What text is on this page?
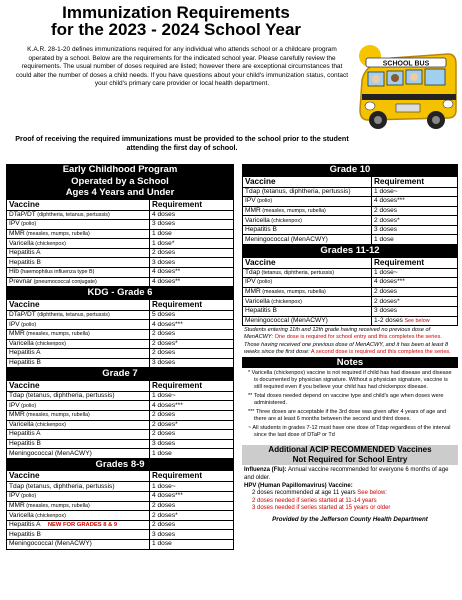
Immunization Requirements
for the 2023 - 2024 School Year
K.A.R. 28-1-20 defines immunizations required for any individual who attends school or a childcare program operated by a school. Below are the requirements for the indicated school year. Please carefully review the requirements. The usual number of doses required are listed; however there are exceptional circumstances that could alter the number of doses a child needs. If you have questions about your child's immunization status, contact your child's primary care provider or local health department.
Proof of receiving the required immunizations must be provided to the school prior to the student attending the first day of school.
SCHOOL BUS
Early Childhood Program
Operated by a School
Ages 4 Years and Under
Vaccine	Requirement
DTaP/DT (diphtheria, tetanus, pertussis)	4 doses
IPV (polio)	3 doses
MMR (measles, mumps, rubella)	1 dose
Varicella (chickenpox)	1 dose*
Hepatitis A	2 doses
Hepatitis B	3 doses
Hib (haemophilus influenza type B)	4 doses**
Prevnar (pneumococcal conjugate)	4 doses**
KDG - Grade 6
Vaccine	Requirement
DTaP/DT (diphtheria, tetanus, pertussis)	5 doses
IPV (polio)	4 doses***
MMR (measles, mumps, rubella)	2 doses
Varicella (chickenpox)	2 doses*
Hepatitis A	2 doses
Hepatitis B	3 doses
Grade 7
Vaccine	Requirement
Tdap (tetanus, diphtheria, pertussis)	1 dose~
IPV (polio)	4 doses***
MMR (measles, mumps, rubella)	2 doses
Varicella (chickenpox)	2 doses*
Hepatitis A	2 doses
Hepatitis B	3 doses
Meningococcal (MenACWY)	1 dose
Grades 8-9
Vaccine	Requirement
Tdap (tetanus, diphtheria, pertussis)	1 dose~
IPV (polio)	4 doses***
MMR (measles, mumps, rubella)	2 doses
Varicella (chickenpox)	2 doses*
Hepatitis A NEW FOR GRADES 8 & 9	2 doses
Hepatitis B	3 doses
Meningococcal (MenACWY)	1 dose
Grade 10
Vaccine	Requirement
Tdap (tetanus, diphtheria, pertussis)	1 dose~
IPV (polio)	4 doses***
MMR (measles, mumps, rubella)	2 doses
Varicella (chickenpox)	2 doses*
Hepatitis B	3 doses
Meningococcal (MenACWY)	1 dose
Grades 11-12
Vaccine	Requirement
Tdap (tetanus, diphtheria, pertussis)	1 dose~
IPV (polio)	4 doses***
MMR (measles, mumps, rubella)	2 doses
Varicella (chickenpox)	2 doses*
Hepatitis B	3 doses
Meningococcal (MenACWY)	1-2 doses See below
Students entering 11th and 12th grade having received no previous dose of MenACWY: One dose is required for school entry and this completes the series. Those having received one previous dose of MenACWY, and it has been at least 8 weeks since the first dose: A second dose is required and this completes the series.
Notes

* Varicella (chickenpox) vaccine is not required if child has had disease and disease is documented by physician signature. Without a physician signature, vaccine is still required even if you believe your child has had chickenpox disease.

** Total doses needed depend on vaccine type and child's age when doses were administered.

*** Three doses are acceptable if the 3rd dose was given after 4 years of age and there are at least 6 months between the second and third doses.

~ All students in grades 7-12 must have one dose of Tdap regardless of the interval since the last dose of DTaP or Td

Additional ACIP RECOMMENDED Vaccines
Not Required for School Entry
Influenza (Flu): Annual vaccine recommended for everyone 6 months of age and older.
HPV (Human Papillomavirus) Vaccine:
2 doses recommended at age 11 years See below:
2 doses needed if series started at 11-14 years
3 doses needed if series started at 15 years or older
Provided by the Jefferson County Health Department
